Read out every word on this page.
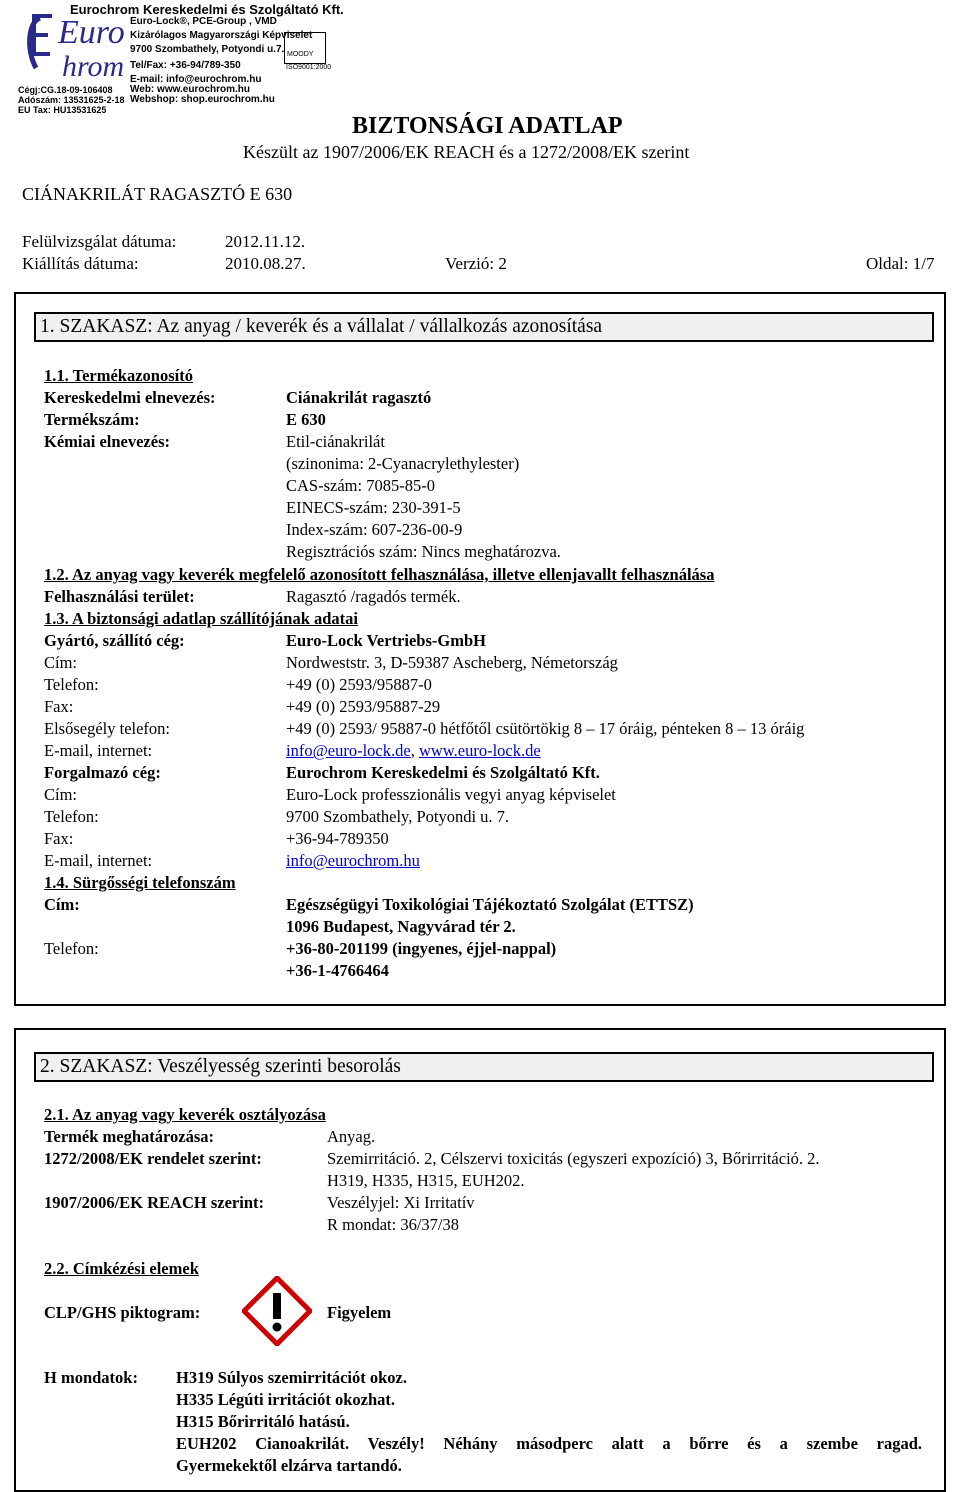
Euro
hrom
Cégj:CG.18-09-106408
Adószám: 13531625-2-18
EU Tax: HU13531625
Eurochrom Kereskedelmi és Szolgáltató Kft.
Euro-Lock®, PCE-Group , VMD
Kizárólagos Magyarországi Képviselet
9700 Szombathely, Potyondi u.7.
Tel/Fax: +36-94/789-350
E-mail: info@eurochrom.hu
Web: www.eurochrom.hu
Webshop: shop.eurochrom.hu
MOODY
ISO9001:2000
BIZTONSÁGI ADATLAP
Készült az 1907/2006/EK REACH és a 1272/2008/EK szerint
CIÁNAKRILÁT RAGASZTÓ E 630
Felülvizsgálat dátuma:	2012.11.12.
Kiállítás dátuma:	2010.08.27.	Verzió: 2	Oldal: 1/7
1. SZAKASZ: Az anyag / keverék és a vállalat / vállalkozás azonosítása
1.1. Termékazonosító
Kereskedelmi elnevezés:	Ciánakrilát ragasztó
Termékszám:	E 630
Kémiai elnevezés:	Etil-ciánakrilát
(szinonima: 2-Cyanacrylethylester)
CAS-szám: 7085-85-0
EINECS-szám: 230-391-5
Index-szám: 607-236-00-9
Regisztrációs szám: Nincs meghatározva.
1.2. Az anyag vagy keverék megfelelő azonosított felhasználása, illetve ellenjavallt felhasználása
Felhasználási terület:	Ragasztó /ragadós termék.
1.3. A biztonsági adatlap szállítójának adatai
Gyártó, szállító cég:	Euro-Lock Vertriebs-GmbH
Cím:	Nordweststr. 3, D-59387 Ascheberg, Németország
Telefon:	+49 (0) 2593/95887-0
Fax:	+49 (0) 2593/95887-29
Elsősegély telefon:	+49 (0) 2593/ 95887-0 hétfőtől csütörtökig 8 – 17 óráig, pénteken 8 – 13 óráig
E-mail, internet:	info@euro-lock.de, www.euro-lock.de
Forgalmazó cég:	Eurochrom Kereskedelmi és Szolgáltató Kft.
Cím:	Euro-Lock professzionális vegyi anyag képviselet
Telefon:	9700 Szombathely, Potyondi u. 7.
Fax:	+36-94-789350
E-mail, internet:	info@eurochrom.hu
1.4. Sürgősségi telefonszám
Cím:	Egészségügyi Toxikológiai Tájékoztató Szolgálat (ETTSZ)
1096 Budapest, Nagyvárad tér 2.
Telefon:	+36-80-201199 (ingyenes, éjjel-nappal)
+36-1-4766464
2. SZAKASZ: Veszélyesség szerinti besorolás
2.1. Az anyag vagy keverék osztályozása
Termék meghatározása:	Anyag.
1272/2008/EK rendelet szerint:	Szemirritáció. 2, Célszervi toxicitás (egyszeri expozíció) 3, Bőrirritáció. 2.
H319, H335, H315, EUH202.
1907/2006/EK REACH szerint:	Veszélyjel: Xi Irritatív
R mondat: 36/37/38
2.2. Címkézési elemek
CLP/GHS piktogram:	Figyelem
H mondatok: H319 Súlyos szemirritációt okoz.
H335 Légúti irritációt okozhat.
H315 Bőrirritáló hatású.
EUH202 Cianoakrilát. Veszély! Néhány másodperc alatt a bőrre és a szembe ragad.
Gyermekektől elzárva tartandó.
